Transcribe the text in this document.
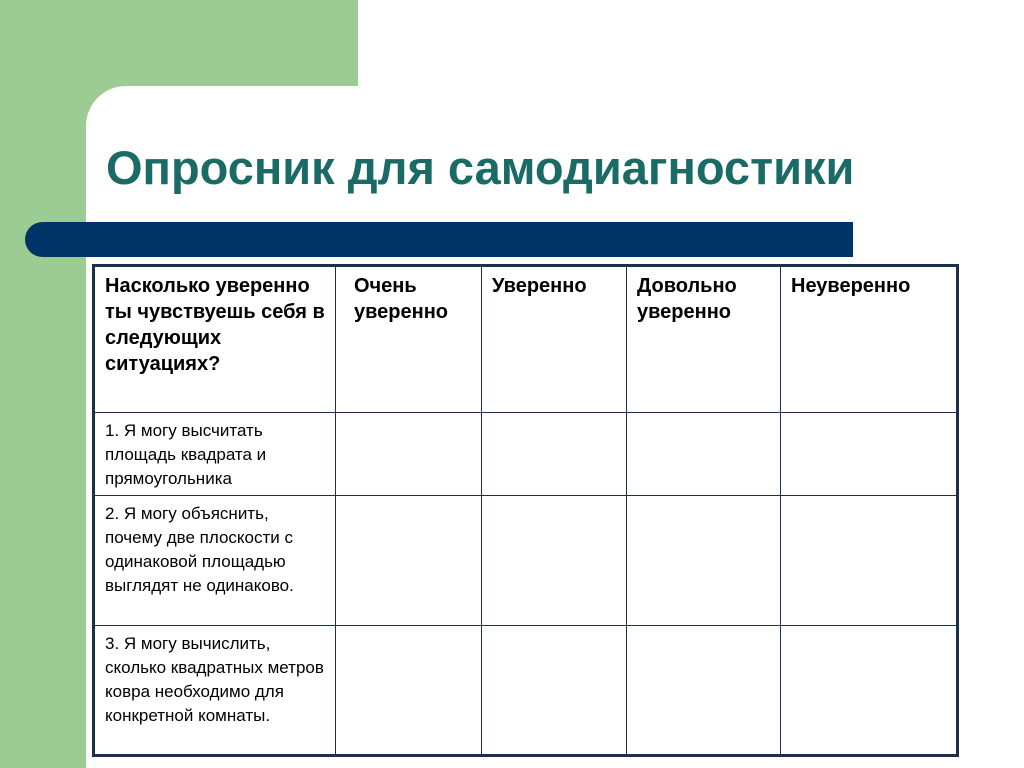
Опросник для самодиагностики
Насколько уверенно ты чувствуешь себя в следующих ситуациях?	Очень уверенно	Уверенно	Довольно уверенно	Неуверенно
1. Я могу высчитать площадь квадрата и прямоугольника				
2. Я могу объяснить, почему две плоскости с одинаковой площадью выглядят не одинаково.				
3. Я могу вычислить, сколько квадратных метров ковра необходимо для конкретной комнаты.				
